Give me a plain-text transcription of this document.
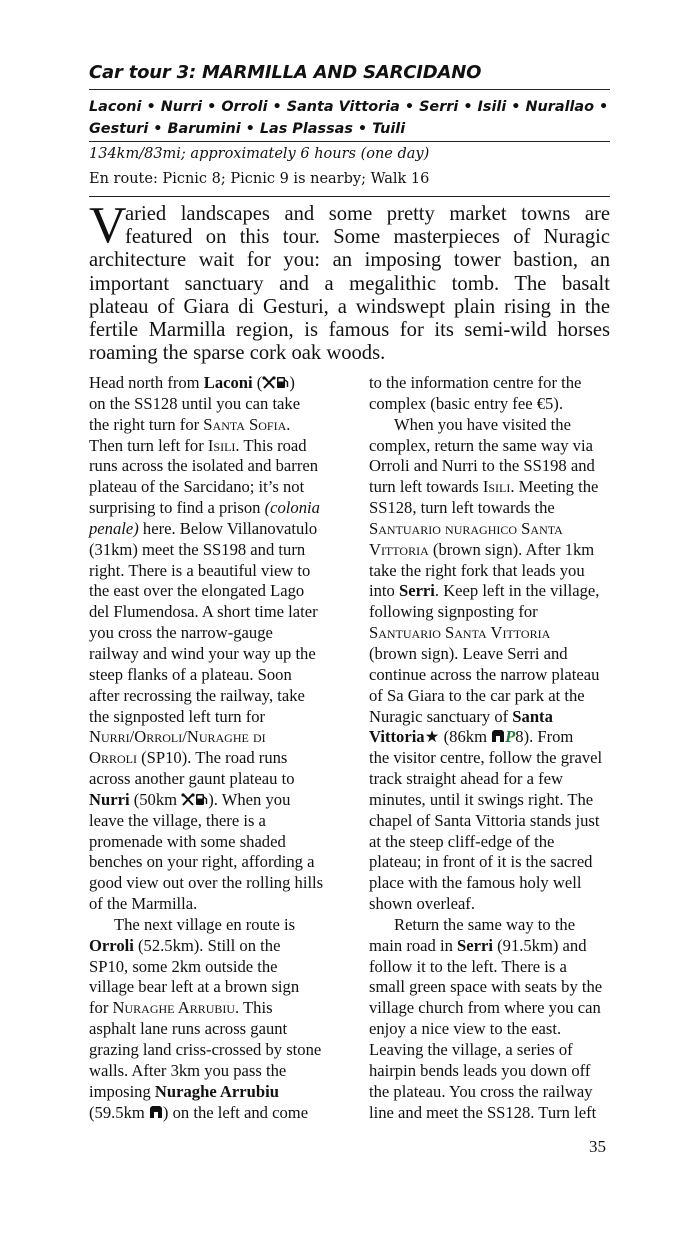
Car tour 3: MARMILLA AND SARCIDANO
Laconi • Nurri • Orroli • Santa Vittoria • Serri • Isili • Nurallao •
Gesturi • Barumini • Las Plassas • Tuili
134km/83mi; approximately 6 hours (one day)
En route: Picnic 8; Picnic 9 is nearby; Walk 16
V
aried landscapes and some pretty market towns are
featured on this tour. Some masterpieces of Nuragic
architecture wait for you: an imposing tower bastion, an
important sanctuary and a megalithic tomb. The basalt
plateau of Giara di Gesturi, a windswept plain rising in the
fertile Marmilla region, is famous for its semi-wild horses
roaming the sparse cork oak woods.
Head north from Laconi ( )
on the SS128 until you can take
the right turn for Santa Sofia.
Then turn left for Isili. This road
runs across the isolated and barren
plateau of the Sarcidano; it’s not
surprising to find a prison (colonia
penale) here. Below Villanovatulo
(31km) meet the SS198 and turn
right. There is a beautiful view to
the east over the elongated Lago
del Flumendosa. A short time later
you cross the narrow-gauge
railway and wind your way up the
steep flanks of a plateau. Soon
after recrossing the railway, take
the signposted left turn for
Nurri/Orroli/Nuraghe di
Orroli (SP10). The road runs
across another gaunt plateau to
Nurri (50km ). When you
leave the village, there is a
promenade with some shaded
benches on your right, affording a
good view out over the rolling hills
of the Marmilla.
The next village en route is
Orroli (52.5km). Still on the
SP10, some 2km outside the
village bear left at a brown sign
for Nuraghe Arrubiu. This
asphalt lane runs across gaunt
grazing land criss-crossed by stone
walls. After 3km you pass the
imposing Nuraghe Arrubiu
(59.5km ) on the left and come
to the information centre for the
complex (basic entry fee €5).
When you have visited the
complex, return the same way via
Orroli and Nurri to the SS198 and
turn left towards Isili. Meeting the
SS128, turn left towards the
Santuario nuraghico Santa
Vittoria (brown sign). After 1km
take the right fork that leads you
into Serri. Keep left in the village,
following signposting for
Santuario Santa Vittoria
(brown sign). Leave Serri and
continue across the narrow plateau
of Sa Giara to the car park at the
Nuragic sanctuary of Santa
Vittoria★ (86km P8). From
the visitor centre, follow the gravel
track straight ahead for a few
minutes, until it swings right. The
chapel of Santa Vittoria stands just
at the steep cliff-edge of the
plateau; in front of it is the sacred
place with the famous holy well
shown overleaf.
Return the same way to the
main road in Serri (91.5km) and
follow it to the left. There is a
small green space with seats by the
village church from where you can
enjoy a nice view to the east.
Leaving the village, a series of
hairpin bends leads you down off
the plateau. You cross the railway
line and meet the SS128. Turn left
35
